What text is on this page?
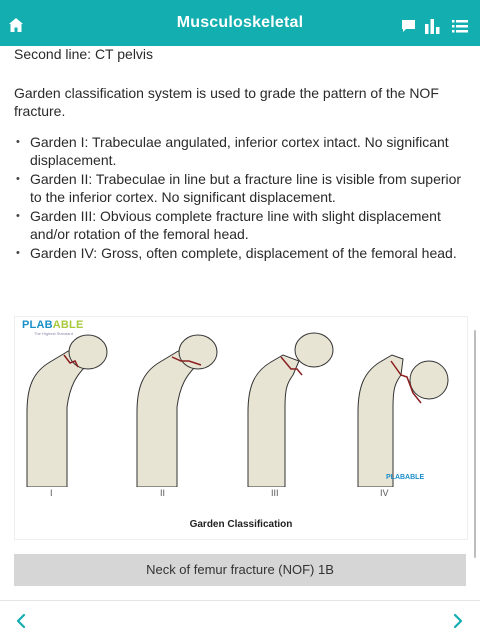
Musculoskeletal

Second line: CT pelvis

Garden classification system is used to grade the pattern of the NOF fracture.

• Garden I: Trabeculae angulated, inferior cortex intact. No significant displacement.
• Garden II: Trabeculae in line but a fracture line is visible from superior to the inferior cortex. No significant displacement.
• Garden III: Obvious complete fracture line with slight displacement and/or rotation of the femoral head.
• Garden IV: Gross, often complete, displacement of the femoral head.
PLABABLE
The Highest Standard
I	II	III	IV
PLABABLE
Garden Classification
Neck of femur fracture (NOF) 1B
